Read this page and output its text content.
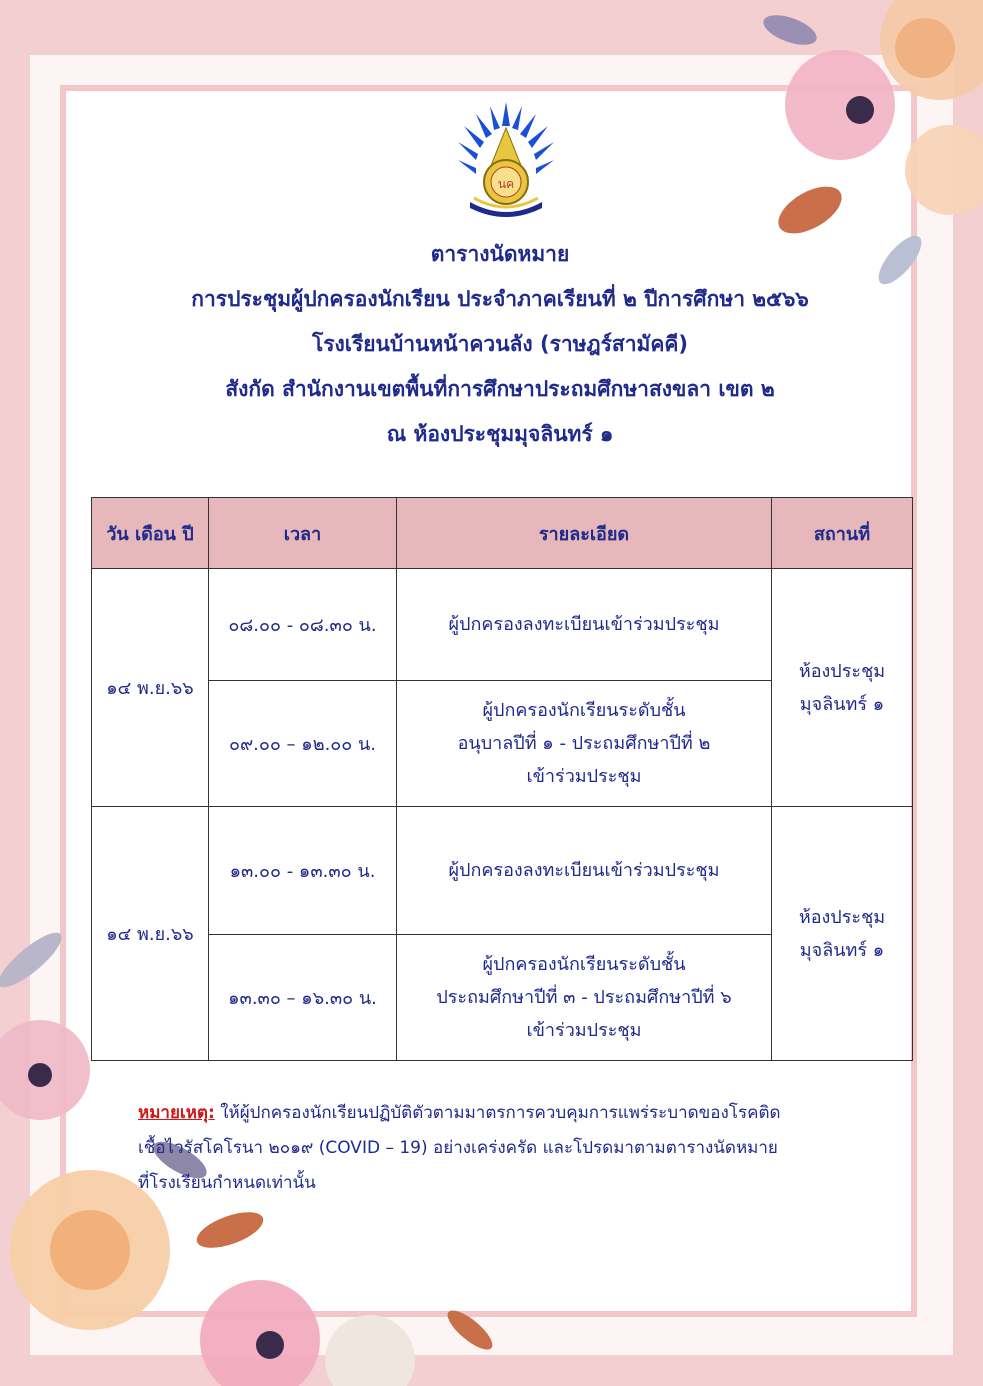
นค
ตารางนัดหมาย
การประชุมผู้ปกครองนักเรียน ประจำภาคเรียนที่ ๒ ปีการศึกษา ๒๕๖๖
โรงเรียนบ้านหน้าควนลัง (ราษฎร์สามัคคี)
สังกัด สำนักงานเขตพื้นที่การศึกษาประถมศึกษาสงขลา เขต ๒
ณ ห้องประชุมมุจลินทร์ ๑
วัน เดือน ปี	เวลา	รายละเอียด	สถานที่
๑๔ พ.ย.๖๖	๐๘.๐๐ - ๐๘.๓๐ น.	ผู้ปกครองลงทะเบียนเข้าร่วมประชุม	ห้องประชุม
มุจลินทร์ ๑

	๐๙.๐๐ – ๑๒.๐๐ น.	ผู้ปกครองนักเรียนระดับชั้น
อนุบาลปีที่ ๑ - ประถมศึกษาปีที่ ๒
เข้าร่วมประชุม	

๑๔ พ.ย.๖๖	๑๓.๐๐ - ๑๓.๓๐ น.	ผู้ปกครองลงทะเบียนเข้าร่วมประชุม	ห้องประชุม
มุจลินทร์ ๑

	๑๓.๓๐ – ๑๖.๓๐ น.	ผู้ปกครองนักเรียนระดับชั้น
ประถมศึกษาปีที่ ๓ - ประถมศึกษาปีที่ ๖
เข้าร่วมประชุม	
หมายเหตุ: ให้ผู้ปกครองนักเรียนปฏิบัติตัวตามมาตรการควบคุมการแพร่ระบาดของโรคติด
เชื้อไวรัสโคโรนา ๒๐๑๙ (COVID – 19) อย่างเคร่งครัด และโปรดมาตามตารางนัดหมาย
ที่โรงเรียนกำหนดเท่านั้น
